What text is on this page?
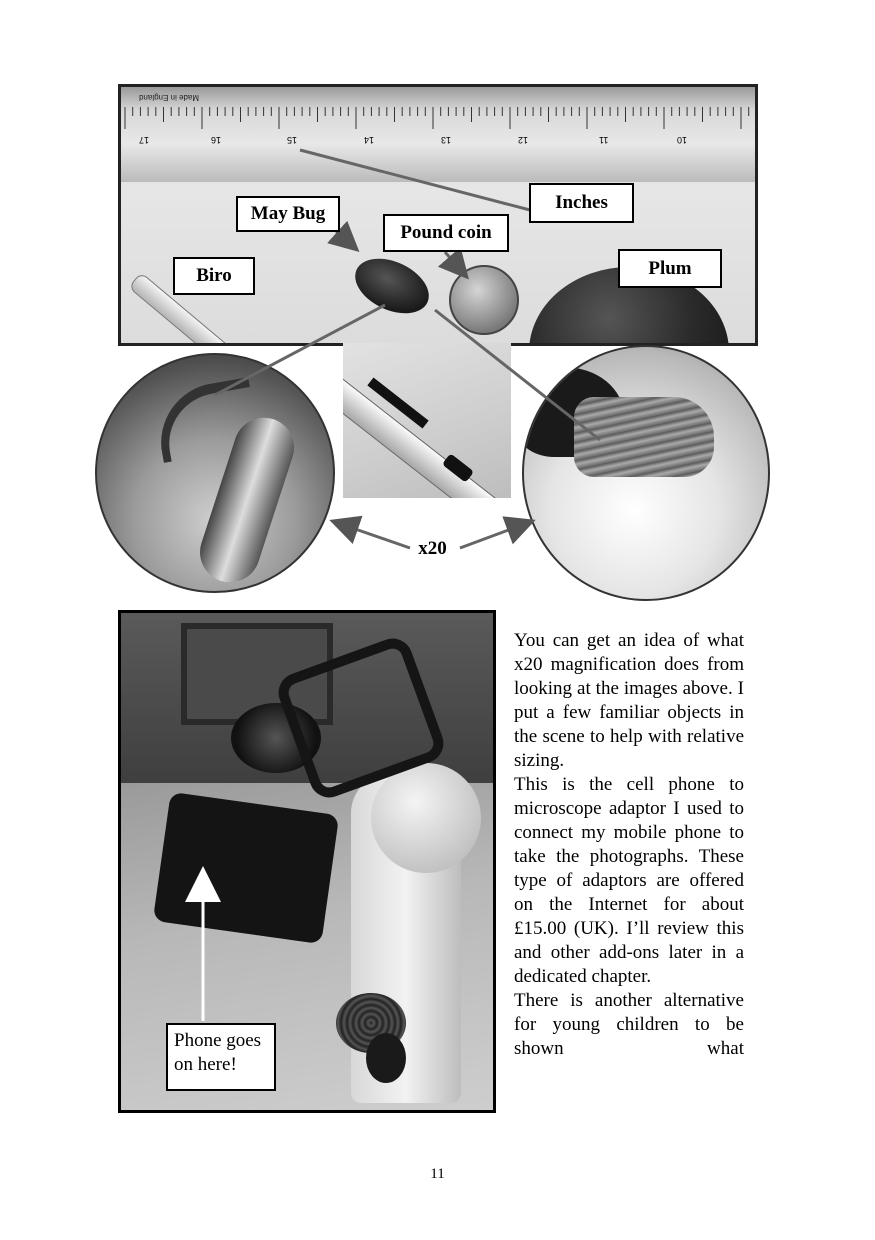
Made in England
17	16	15	14	13	12	11	10
May Bug
Pound coin
Inches
Plum
Biro
x20
Phone goes on here!

You can get an idea of what x20 magnification does from looking at the images above. I put a few familiar objects in the scene to help with relative sizing.

This is the cell phone to microscope adaptor I used to connect my mobile phone to take the photographs. These type of adaptors are offered on the Internet for about £15.00 (UK). I’ll review this and other add-ons later in a dedicated chapter.

There is another alternative for young children to be shown what

11
